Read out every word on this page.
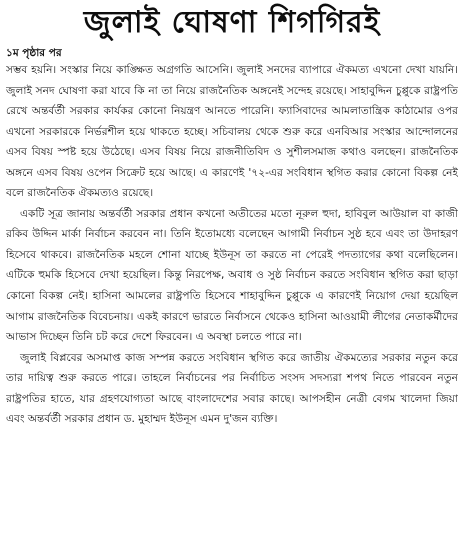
জুলাই ঘোষণা শিগগিরই
১ম পৃষ্ঠার পর

সম্ভব হয়নি। সংস্কার নিয়ে কাঙ্ক্ষিত অগ্রগতি আসেনি। জুলাই সনদের ব্যাপারে ঐকমত্য এখনো দেখা যায়নি। জুলাই সনদ ঘোষণা করা যাবে কি না তা নিয়ে রাজনৈতিক অঙ্গনেই সন্দেহ রয়েছে। সাহাবুদ্দিন চুপ্পুকে রাষ্ট্রপতি রেখে অন্তর্বর্তী সরকার কার্যকর কোনো নিয়ন্ত্রণ আনতে পারেনি। ফ্যাসিবাদের আমলাতান্ত্রিক কাঠামোর ওপর এখনো সরকারকে নির্ভরশীল হয়ে থাকতে হচ্ছে। সচিবালয় থেকে শুরু করে এনবিআর সংস্কার আন্দোলনের এসব বিষয় স্পষ্ট হয়ে উঠেছে। এসব বিষয় নিয়ে রাজনীতিবিদ ও সুশীলসমাজ কথাও বলছেন। রাজনৈতিক অঙ্গনে এসব বিষয় ওপেন সিক্রেট হয়ে আছে। এ কারণেই '৭২-এর সংবিধান স্থগিত করার কোনো বিকল্প নেই বলে রাজনৈতিক ঐকমত্যও রয়েছে।

একটি সূত্র জানায় অন্তর্বর্তী সরকার প্রধান কখনো অতীতের মতো নূরুল হুদা, হাবিবুল আউয়াল বা কাজী রকিব উদ্দিন মার্কা নির্বাচন করবেন না। তিনি ইতোমধ্যে বলেছেন আগামী নির্বাচন সুষ্ঠ হবে এবং তা উদাহরণ হিসেবে থাকবে। রাজনৈতিক মহলে শোনা যাচ্ছে ইউনূস তা করতে না পেরেই পদত্যাগের কথা বলেছিলেন। এটিকে হুমকি হিসেবে দেখা হয়েছিল। কিন্তু নিরপেক্ষ, অবাধ ও সুষ্ঠ নির্বাচন করতে সংবিধান স্থগিত করা ছাড়া কোনো বিকল্প নেই। হাসিনা আমলের রাষ্ট্রপতি হিসেবে শাহাবুদ্দিন চুপ্পুকে এ কারণেই নিয়োগ দেয়া হয়েছিল আগাম রাজনৈতিক বিবেচনায়। একই কারণে ভারতে নির্বাসনে থেকেও হাসিনা আওয়ামী লীগের নেতাকর্মীদের আভাস দিচ্ছেন তিনি চট করে দেশে ফিরবেন। এ অবস্থা চলতে পারে না।

জুলাই বিপ্লবের অসমাপ্ত কাজ সম্পন্ন করতে সংবিধান স্থগিত করে জাতীয় ঐকমত্যের সরকার নতুন করে তার দায়িত্ব শুরু করতে পারে। তাহলে নির্বাচনের পর নির্বাচিত সংসদ সদস্যরা শপথ নিতে পারবেন নতুন রাষ্ট্রপতির হাতে, যার গ্রহণযোগ্যতা আছে বাংলাদেশের সবার কাছে। আপসহীন নেত্রী বেগম খালেদা জিয়া এবং অন্তর্বর্তী সরকার প্রধান ড. মুহাম্মদ ইউনূস এমন দু'জন ব্যক্তি।
